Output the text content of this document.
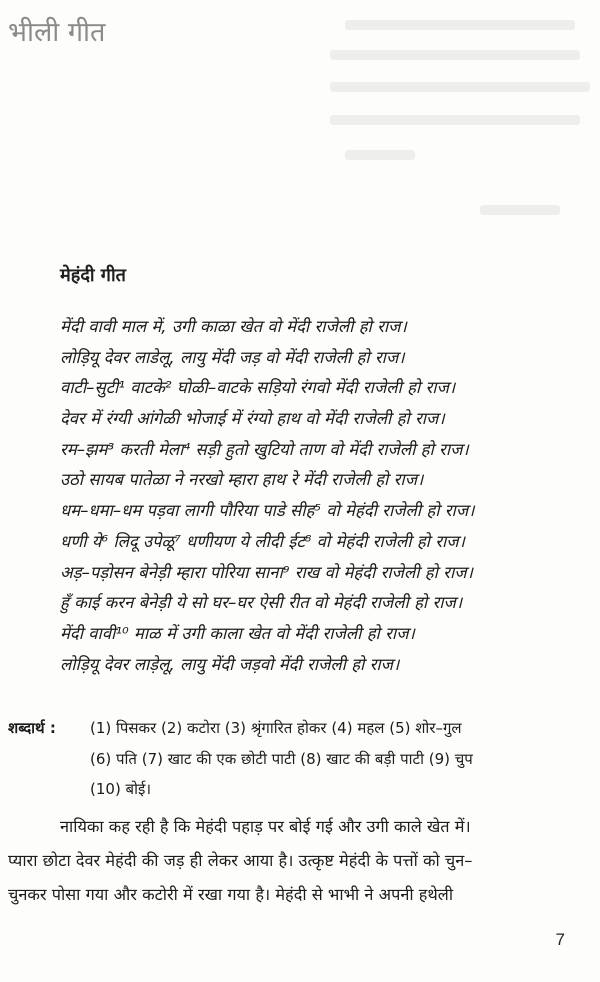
भीली गीत
मेहंदी गीत
मेंदी वावी माल में, उगी काळा खेत वो मेंदी राजेली हो राज।
लोड़ियू देवर लाडेलू, लायु मेंदी जड़ वो मेंदी राजेली हो राज।
वाटी–सुटी¹ वाटके² घोळी–वाटके सड़ियो रंगवो मेंदी राजेली हो राज।
देवर में रंग्यी आंगेळी भोजाई में रंग्यो हाथ वो मेंदी राजेली हो राज।
रम–झम³ करती मेला⁴ सड़ी हुतो खुटियो ताण वो मेंदी राजेली हो राज।
उठो सायब पातेळा ने नरखो म्हारा हाथ रे मेंदी राजेली हो राज।
धम–धमा–धम पड़वा लागी पौरिया पाडे सीह⁵ वो मेहंदी राजेली हो राज।
धणी ये⁶ लिदू उपेळू⁷ धणीयण ये लीदी ईट⁸ वो मेहंदी राजेली हो राज।
अड़–पड़ोसन बेनेड़ी म्हारा पोरिया साना⁹ राख वो मेहंदी राजेली हो राज।
हुँ काई करन बेनेड़ी ये सो घर–घर ऐसी रीत वो मेहंदी राजेली हो राज।
मेंदी वावी¹⁰ माळ में उगी काला खेत वो मेंदी राजेली हो राज।
लोड़ियू देवर लाड़ेलू, लायु मेंदी जड़वो मेंदी राजेली हो राज।
शब्दार्थ : (1) पिसकर (2) कटोरा (3) श्रृंगारित होकर (4) महल (5) शोर–गुल
(6) पति (7) खाट की एक छोटी पाटी (8) खाट की बड़ी पाटी (9) चुप
(10) बोई।
नायिका कह रही है कि मेहंदी पहाड़ पर बोई गई और उगी काले खेत में।
प्यारा छोटा देवर मेहंदी की जड़ ही लेकर आया है। उत्कृष्ट मेहंदी के पत्तों को चुन–
चुनकर पोसा गया और कटोरी में रखा गया है। मेहंदी से भाभी ने अपनी हथेली
7
